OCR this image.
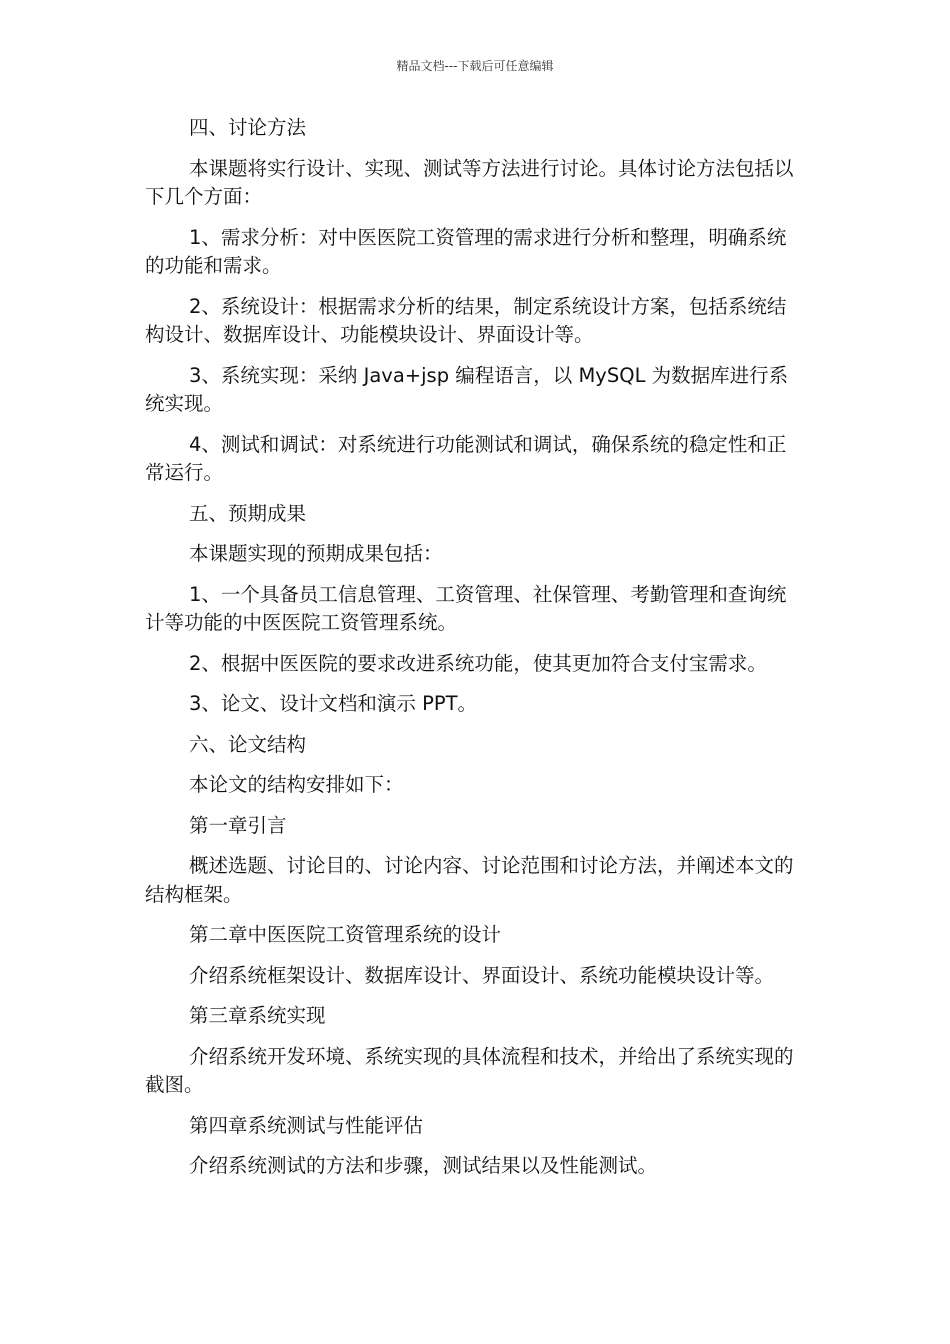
精品文档---下载后可任意编辑

四、讨论方法

本课题将实行设计、实现、测试等方法进行讨论。具体讨论方法包括以下几个方面：

1、需求分析：对中医医院工资管理的需求进行分析和整理，明确系统的功能和需求。

2、系统设计：根据需求分析的结果，制定系统设计方案，包括系统结构设计、数据库设计、功能模块设计、界面设计等。

3、系统实现：采纳 Java+jsp 编程语言，以 MySQL 为数据库进行系统实现。

4、测试和调试：对系统进行功能测试和调试，确保系统的稳定性和正常运行。

五、预期成果

本课题实现的预期成果包括：

1、一个具备员工信息管理、工资管理、社保管理、考勤管理和查询统计等功能的中医医院工资管理系统。

2、根据中医医院的要求改进系统功能，使其更加符合支付宝需求。

3、论文、设计文档和演示 PPT。

六、论文结构

本论文的结构安排如下：

第一章引言

概述选题、讨论目的、讨论内容、讨论范围和讨论方法，并阐述本文的结构框架。

第二章中医医院工资管理系统的设计

介绍系统框架设计、数据库设计、界面设计、系统功能模块设计等。

第三章系统实现

介绍系统开发环境、系统实现的具体流程和技术，并给出了系统实现的截图。

第四章系统测试与性能评估

介绍系统测试的方法和步骤，测试结果以及性能测试。
